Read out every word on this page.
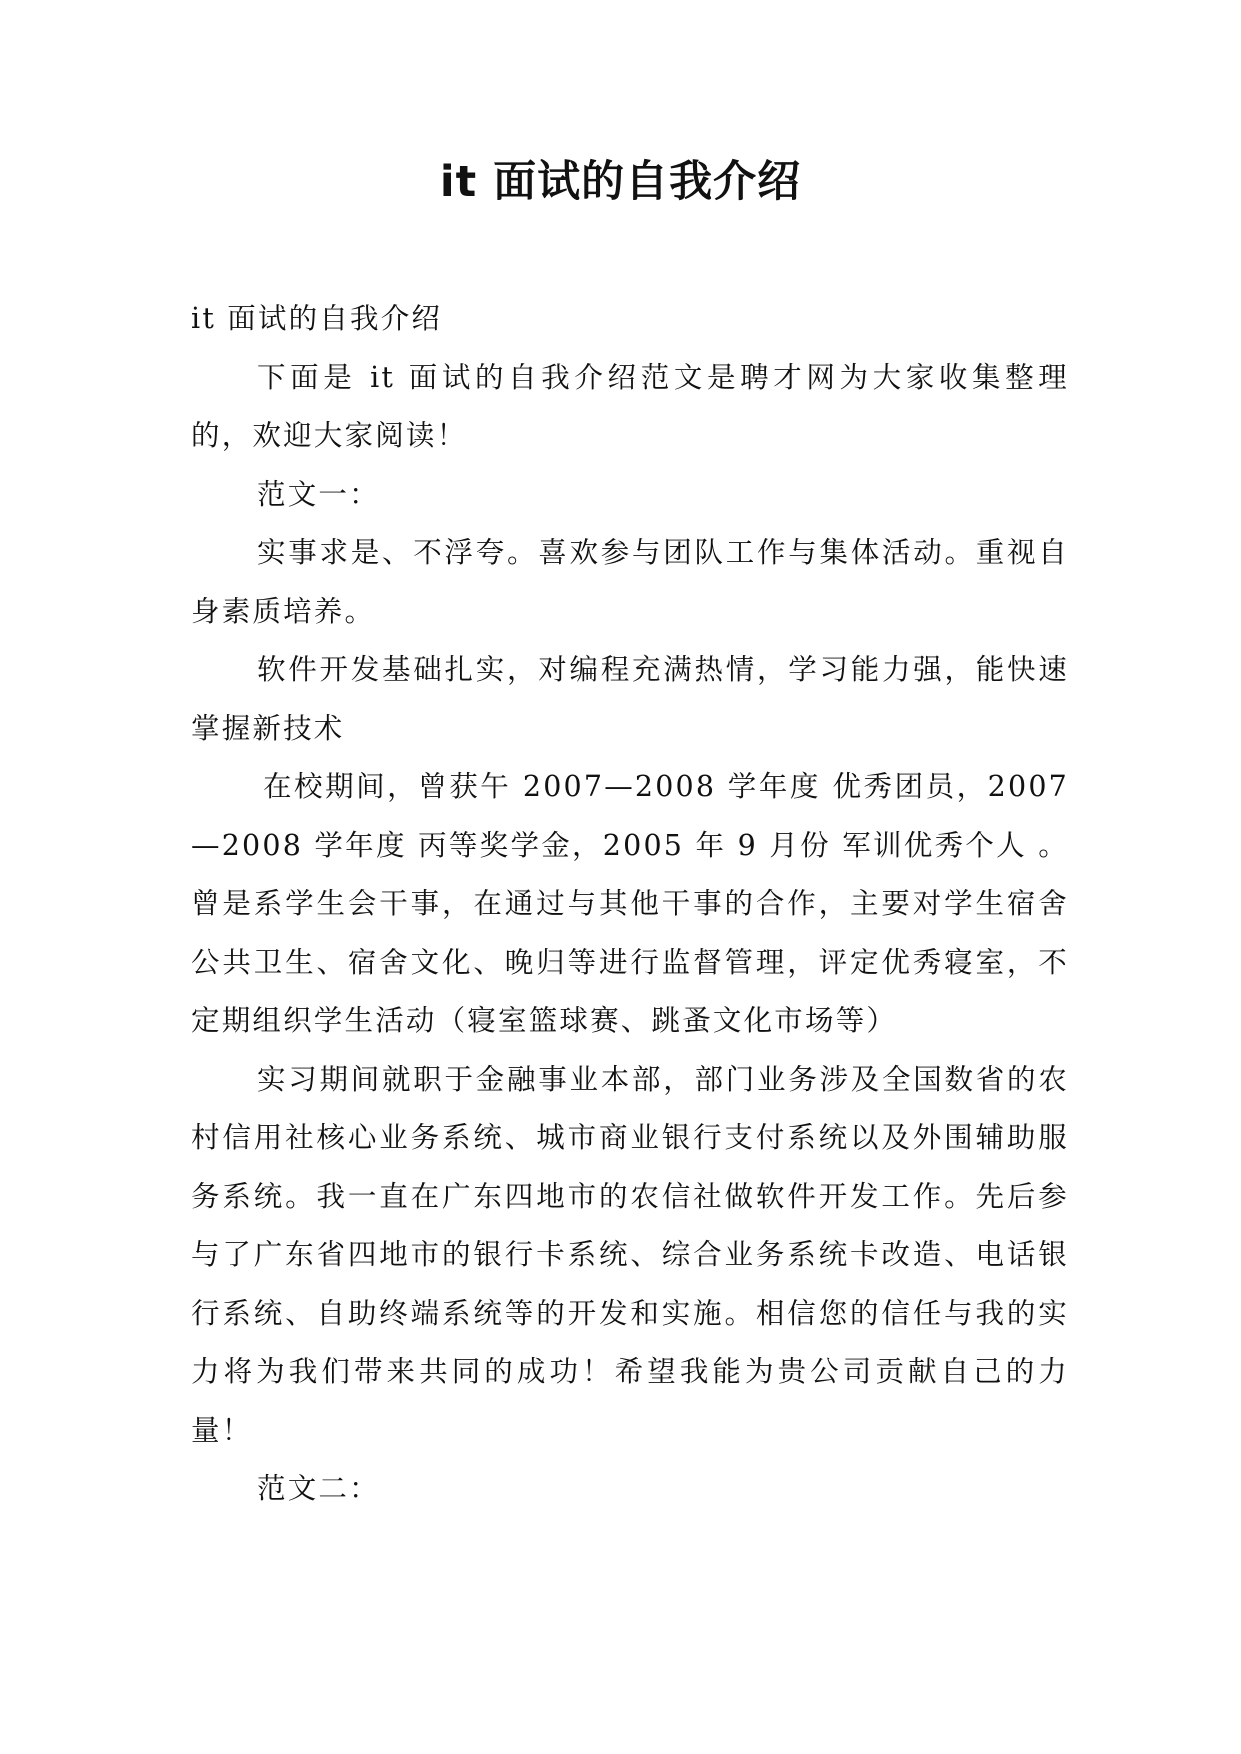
it 面试的自我介绍

it 面试的自我介绍

下面是 it 面试的自我介绍范文是聘才网为大家收集整理的，欢迎大家阅读！

范文一：

实事求是、不浮夸。喜欢参与团队工作与集体活动。重视自身素质培养。

软件开发基础扎实，对编程充满热情，学习能力强，能快速掌握新技术

在校期间，曾获午 2007—2008 学年度 优秀团员，2007—2008 学年度 丙等奖学金，2005 年 9 月份 军训优秀个人 。曾是系学生会干事，在通过与其他干事的合作，主要对学生宿舍公共卫生、宿舍文化、晚归等进行监督管理，评定优秀寝室，不定期组织学生活动（寝室篮球赛、跳蚤文化市场等）

实习期间就职于金融事业本部，部门业务涉及全国数省的农村信用社核心业务系统、城市商业银行支付系统以及外围辅助服务系统。我一直在广东四地市的农信社做软件开发工作。先后参与了广东省四地市的银行卡系统、综合业务系统卡改造、电话银行系统、自助终端系统等的开发和实施。相信您的信任与我的实力将为我们带来共同的成功！希望我能为贵公司贡献自己的力量！

范文二：
